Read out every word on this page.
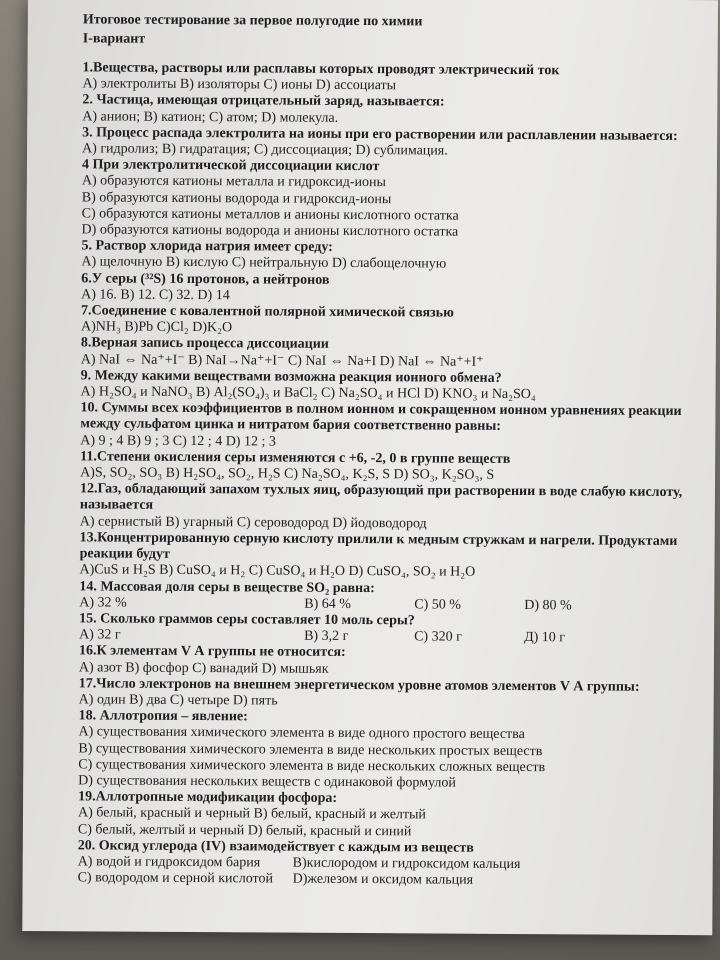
Итоговое тестирование за первое полугодие по химии
I-вариант
1.Вещества, растворы или расплавы которых проводят электрический ток
А) электролиты В) изоляторы С) ионы D) ассоциаты
2. Частица, имеющая отрицательный заряд, называется:
А) анион; В) катион; С) атом; D) молекула.
3. Процесс распада электролита на ионы при его растворении или расплавлении называется:
А) гидролиз; В) гидратация; С) диссоциация; D) сублимация.
4 При электролитической диссоциации кислот
А) образуются катионы металла и гидроксид-ионы
В) образуются катионы водорода и гидроксид-ионы
С) образуются катионы металлов и анионы кислотного остатка
D) образуются катионы водорода и анионы кислотного остатка
5. Раствор хлорида натрия имеет среду:
А) щелочную В) кислую С) нейтральную D) слабощелочную
6.У серы (³²S) 16 протонов, а нейтронов
А) 16. В) 12. С) 32. D) 14
7.Соединение с ковалентной полярной химической связью
А)NH₃ В)Pb С)Cl₂ D)K₂O
8.Верная запись процесса диссоциации
А) NaI ⇔ Na⁺+I⁻ В) NaI→Na⁺+I⁻ С) NaI ⇔ Na+I D) NaI ⇔ Na⁺+I⁺
9. Между какими веществами возможна реакция ионного обмена?
А) H₂SO₄ и NaNO₃ В) Al₂(SO₄)₃ и BaCl₂ С) Na₂SO₄ и HCl D) KNO₃ и Na₂SO₄
10. Суммы всех коэффициентов в полном ионном и сокращенном ионном уравнениях реакции между сульфатом цинка и нитратом бария соответственно равны:
А) 9 ; 4 В) 9 ; 3 С) 12 ; 4 D) 12 ; 3
11.Степени окисления серы изменяются с +6, -2, 0 в группе веществ
А)S, SO₂, SO₃ В) H₂SO₄, SO₂, H₂S С) Na₂SO₄, K₂S, S D) SO₃, K₂SO₃, S
12.Газ, обладающий запахом тухлых яиц, образующий при растворении в воде слабую кислоту, называется
А) сернистый В) угарный С) сероводород D) йодоводород
13.Концентрированную серную кислоту прилили к медным стружкам и нагрели. Продуктами реакции будут
А)CuS и H₂S В) CuSO₄ и H₂ С) CuSO₄ и H₂O D) CuSO₄, SO₂ и H₂O
14. Массовая доля серы в веществе SO₂ равна:
А) 32 %	В) 64 %	С) 50 %	D) 80 %
15. Сколько граммов серы составляет 10 моль серы?
А) 32 г	В) 3,2 г	С) 320 г	Д) 10 г
16.К элементам V А группы не относится:
А) азот В) фосфор С) ванадий D) мышьяк
17.Число электронов на внешнем энергетическом уровне атомов элементов V А группы:
А) один В) два С) четыре D) пять
18. Аллотропия – явление:
А) существования химического элемента в виде одного простого вещества
В) существования химического элемента в виде нескольких простых веществ
С) существования химического элемента в виде нескольких сложных веществ
D) существования нескольких веществ с одинаковой формулой
19.Аллотропные модификации фосфора:
А) белый, красный и черный В) белый, красный и желтый
С) белый, желтый и черный D) белый, красный и синий
20. Оксид углерода (IV) взаимодействует с каждым из веществ
А) водой и гидроксидом бария	В)кислородом и гидроксидом кальция
С) водородом и серной кислотой	D)железом и оксидом кальция
